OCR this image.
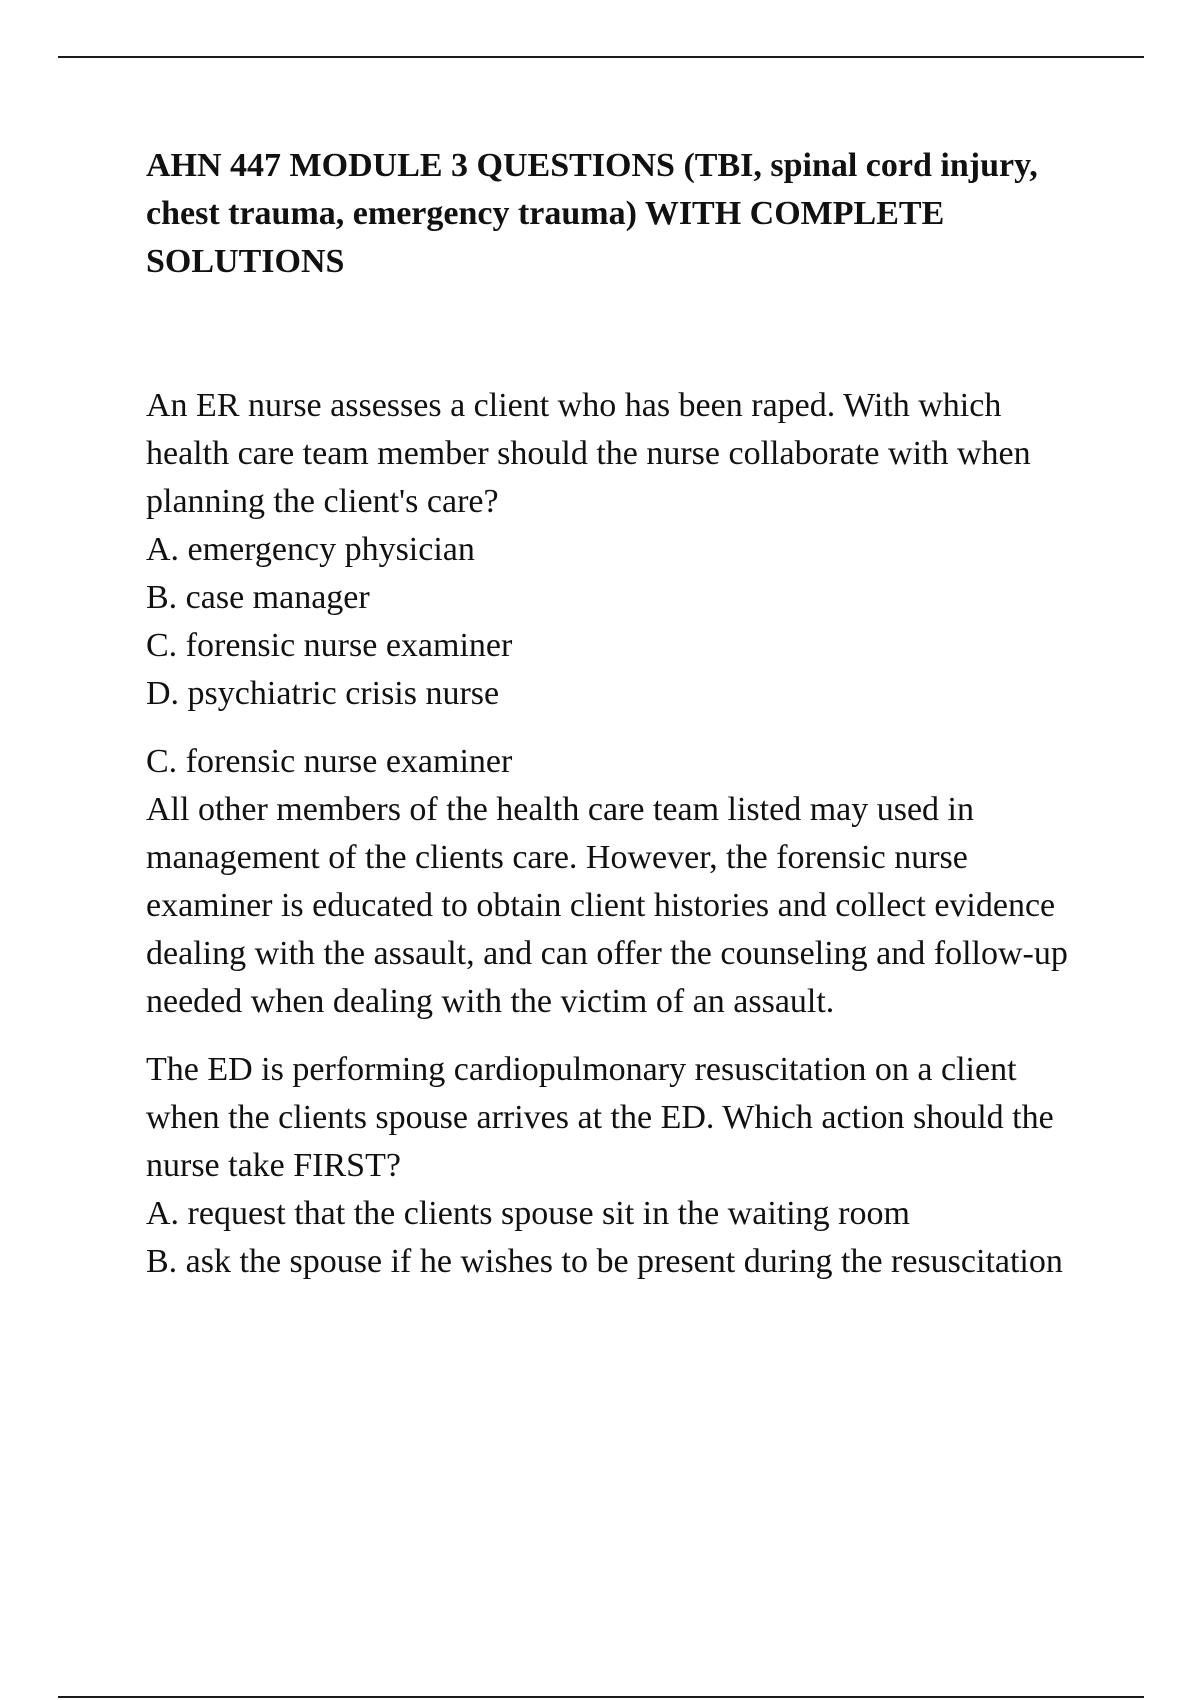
AHN 447 MODULE 3 QUESTIONS (TBI, spinal cord injury, chest trauma, emergency trauma) WITH COMPLETE SOLUTIONS

An ER nurse assesses a client who has been raped. With which health care team member should the nurse collaborate with when planning the client's care?

A. emergency physician

B. case manager

C. forensic nurse examiner

D. psychiatric crisis nurse

C. forensic nurse examiner

All other members of the health care team listed may used in management of the clients care. However, the forensic nurse examiner is educated to obtain client histories and collect evidence dealing with the assault, and can offer the counseling and follow-up needed when dealing with the victim of an assault.

The ED is performing cardiopulmonary resuscitation on a client when the clients spouse arrives at the ED. Which action should the nurse take FIRST?

A. request that the clients spouse sit in the waiting room

B. ask the spouse if he wishes to be present during the resuscitation
